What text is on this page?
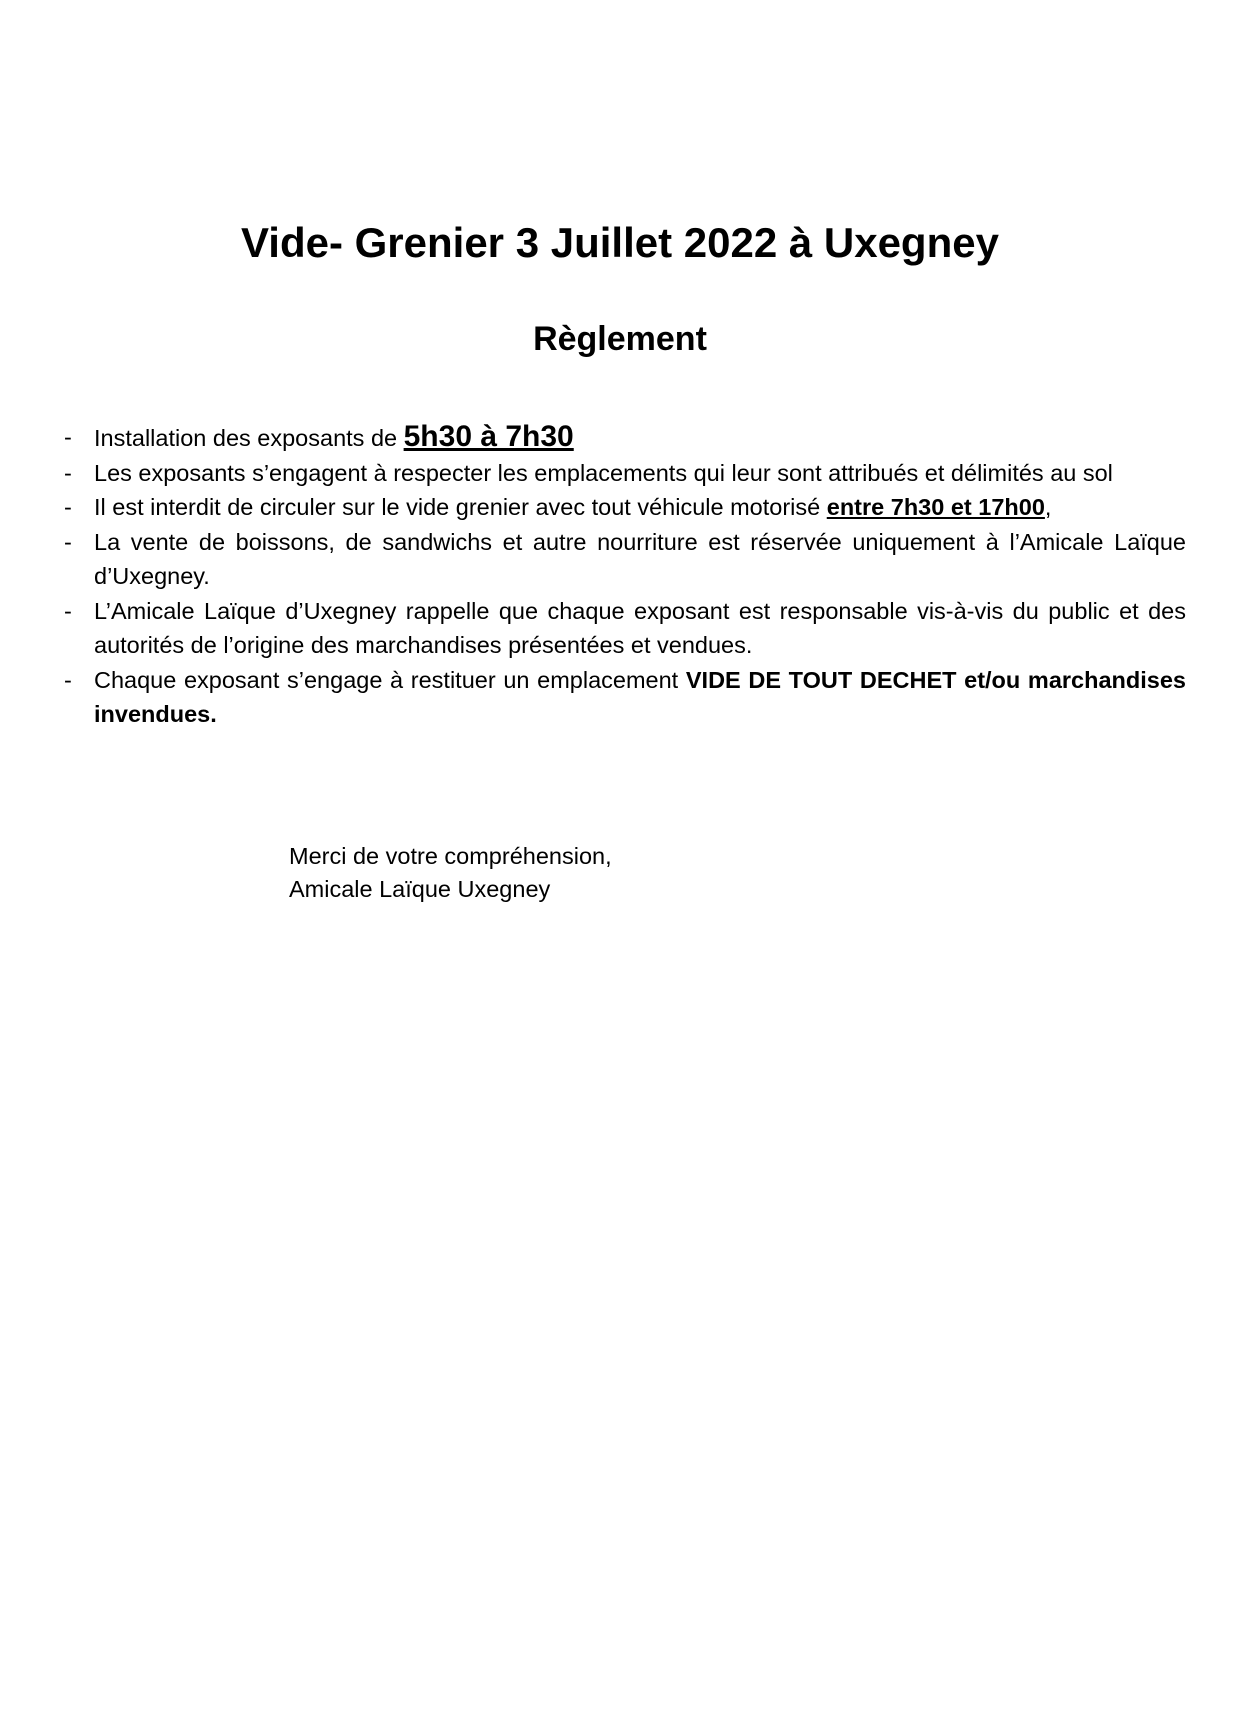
Vide- Grenier 3 Juillet 2022 à Uxegney
Règlement
- Installation des exposants de 5h30 à 7h30
- Les exposants s’engagent à respecter les emplacements qui leur sont attribués et délimités au sol
- Il est interdit de circuler sur le vide grenier avec tout véhicule motorisé entre 7h30 et 17h00,
- La vente de boissons, de sandwichs et autre nourriture est réservée uniquement à l’Amicale Laïque d’Uxegney.
- L’Amicale Laïque d’Uxegney rappelle que chaque exposant est responsable vis-à-vis du public et des autorités de l’origine des marchandises présentées et vendues.
- Chaque exposant s’engage à restituer un emplacement VIDE DE TOUT DECHET et/ou marchandises invendues.
Merci de votre compréhension,
Amicale Laïque Uxegney
